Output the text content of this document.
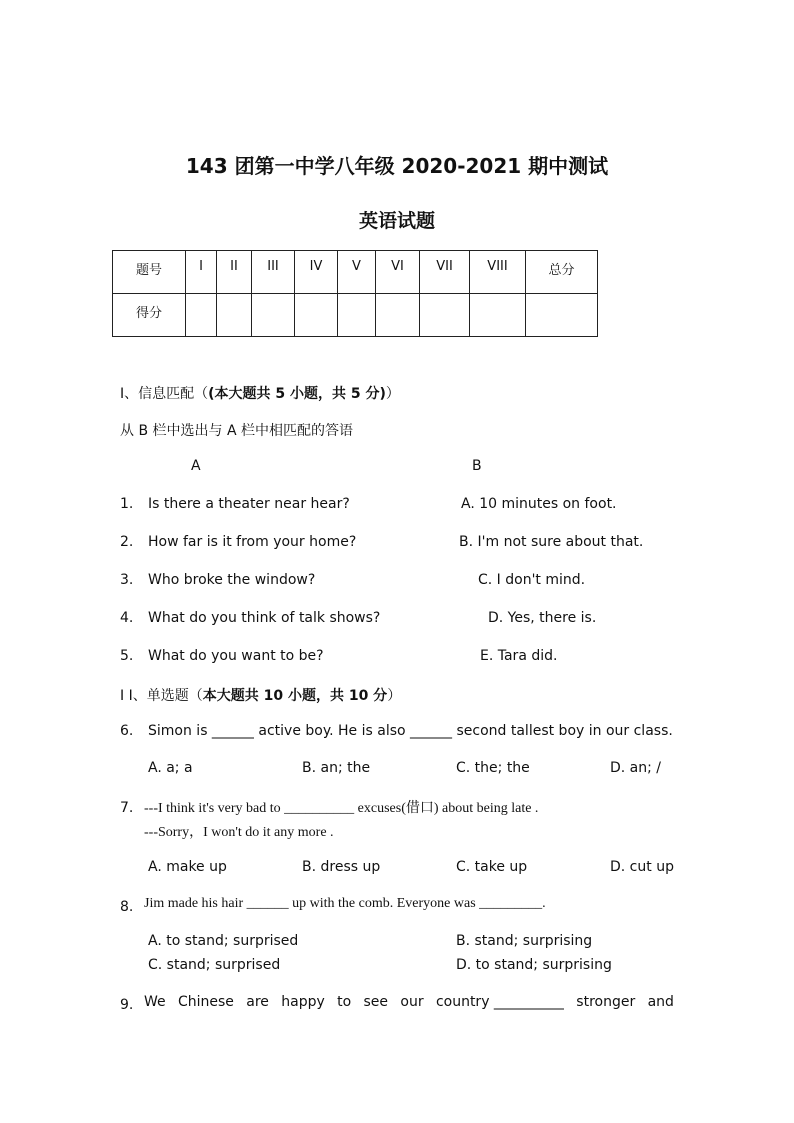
143 团第一中学八年级 2020-2021 期中测试
英语试题
题号	I	II	III	IV	V	VI	VII	VIII	总分
得分									
I、信息匹配（(本大题共 5 小题，共 5 分)）
从 B 栏中选出与 A 栏中相匹配的答语
A	B
1. Is there a theater near hear?	A. 10 minutes on foot.
2. How far is it from your home?	B. I'm not sure about that.
3. Who broke the window?	C. I don't mind.
4. What do you think of talk shows?	D. Yes, there is.
5. What do you want to be?	E. Tara did.
I I、单选题（本大题共 10 小题，共 10 分）
6. Simon is ______ active boy. He is also ______ second tallest boy in our class.
A. a; a	B. an; the	C. the; the	D. an; /
7. ---I think it's very bad to __________ excuses(借口) about being late .
---Sorry，I won't do it any more .
A. make up	B. dress up	C. take up	D. cut up
8. Jim made his hair ______ up with the comb. Everyone was _________.
A. to stand; surprised	B. stand; surprising
C. stand; surprised	D. to stand; surprising
9. We Chinese are happy to see our country __________ stronger and
